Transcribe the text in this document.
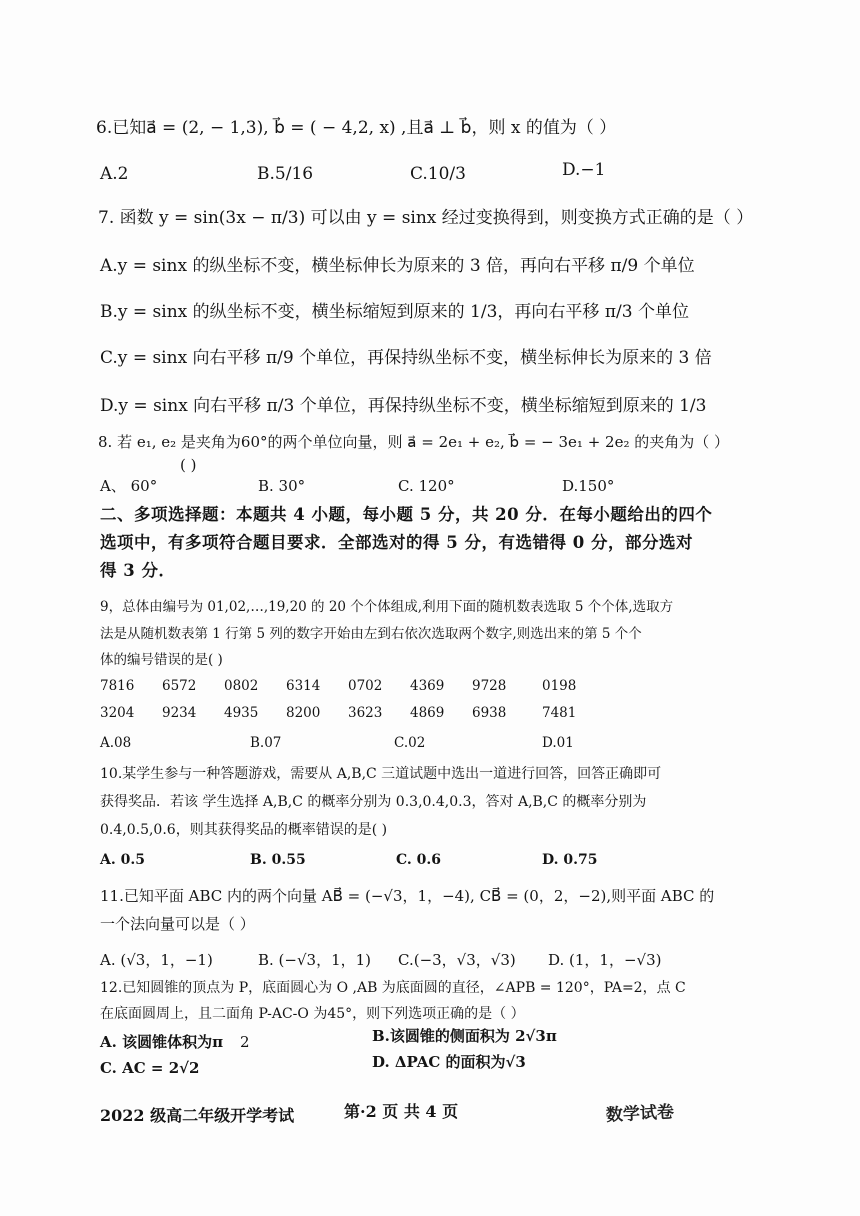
6.已知a⃗ = (2, − 1,3), b⃗ = ( − 4,2, x) ,且a⃗ ⊥ b⃗，则 x 的值为（ ）
A.2	B.5/16	C.10/3	D.−1
7. 函数 y = sin(3x − π/3) 可以由 y = sinx 经过变换得到，则变换方式正确的是（ ）
A.y = sinx 的纵坐标不变，横坐标伸长为原来的 3 倍，再向右平移 π/9 个单位
B.y = sinx 的纵坐标不变，横坐标缩短到原来的 1/3，再向右平移 π/3 个单位
C.y = sinx 向右平移 π/9 个单位，再保持纵坐标不变，横坐标伸长为原来的 3 倍
D.y = sinx 向右平移 π/3 个单位，再保持纵坐标不变，横坐标缩短到原来的 1/3
8. 若 e₁, e₂ 是夹角为60°的两个单位向量，则 a⃗ = 2e₁ + e₂, b⃗ = − 3e₁ + 2e₂ 的夹角为（ ）
( )
A、 60°	B. 30°	C. 120°	D.150°
二、多项选择题：本题共 4 小题，每小题 5 分，共 20 分．在每小题给出的四个
选项中，有多项符合题目要求．全部选对的得 5 分，有选错得 0 分，部分选对
得 3 分．
9，总体由编号为 01,02,…,19,20 的 20 个个体组成,利用下面的随机数表选取 5 个个体,选取方
法是从随机数表第 1 行第 5 列的数字开始由左到右依次选取两个数字,则选出来的第 5 个个
体的编号错误的是( )
7816 6572 0802 6314 0702 4369 9728	0198
3204 9234 4935 8200 3623 4869 6938	7481
A.08	B.07	C.02	D.01
10.某学生参与一种答题游戏，需要从 A,B,C 三道试题中选出一道进行回答，回答正确即可
获得奖品．若该 学生选择 A,B,C 的概率分别为 0.3,0.4,0.3，答对 A,B,C 的概率分别为
0.4,0.5,0.6，则其获得奖品的概率错误的是( )
A. 0.5	B. 0.55	C. 0.6	D. 0.75
11.已知平面 ABC 内的两个向量 AB⃗ = (−√3，1，−4), CB⃗ = (0，2，−2),则平面 ABC 的
一个法向量可以是（ ）
A. (√3，1，−1)	B. (−√3，1，1) C.(−3，√3，√3) D. (1，1，−√3)
12.已知圆锥的顶点为 P，底面圆心为 O ,AB 为底面圆的直径，∠APB = 120°，PA=2，点 C
在底面圆周上，且二面角 P-AC-O 为45°，则下列选项正确的是（ ）
A. 该圆锥体积为π 2	B.该圆锥的侧面积为 2√3π
C. AC = 2√2	D. ΔPAC 的面积为√3
2022 级高二年级开学考试	第·2 页 共 4 页	数学试卷
